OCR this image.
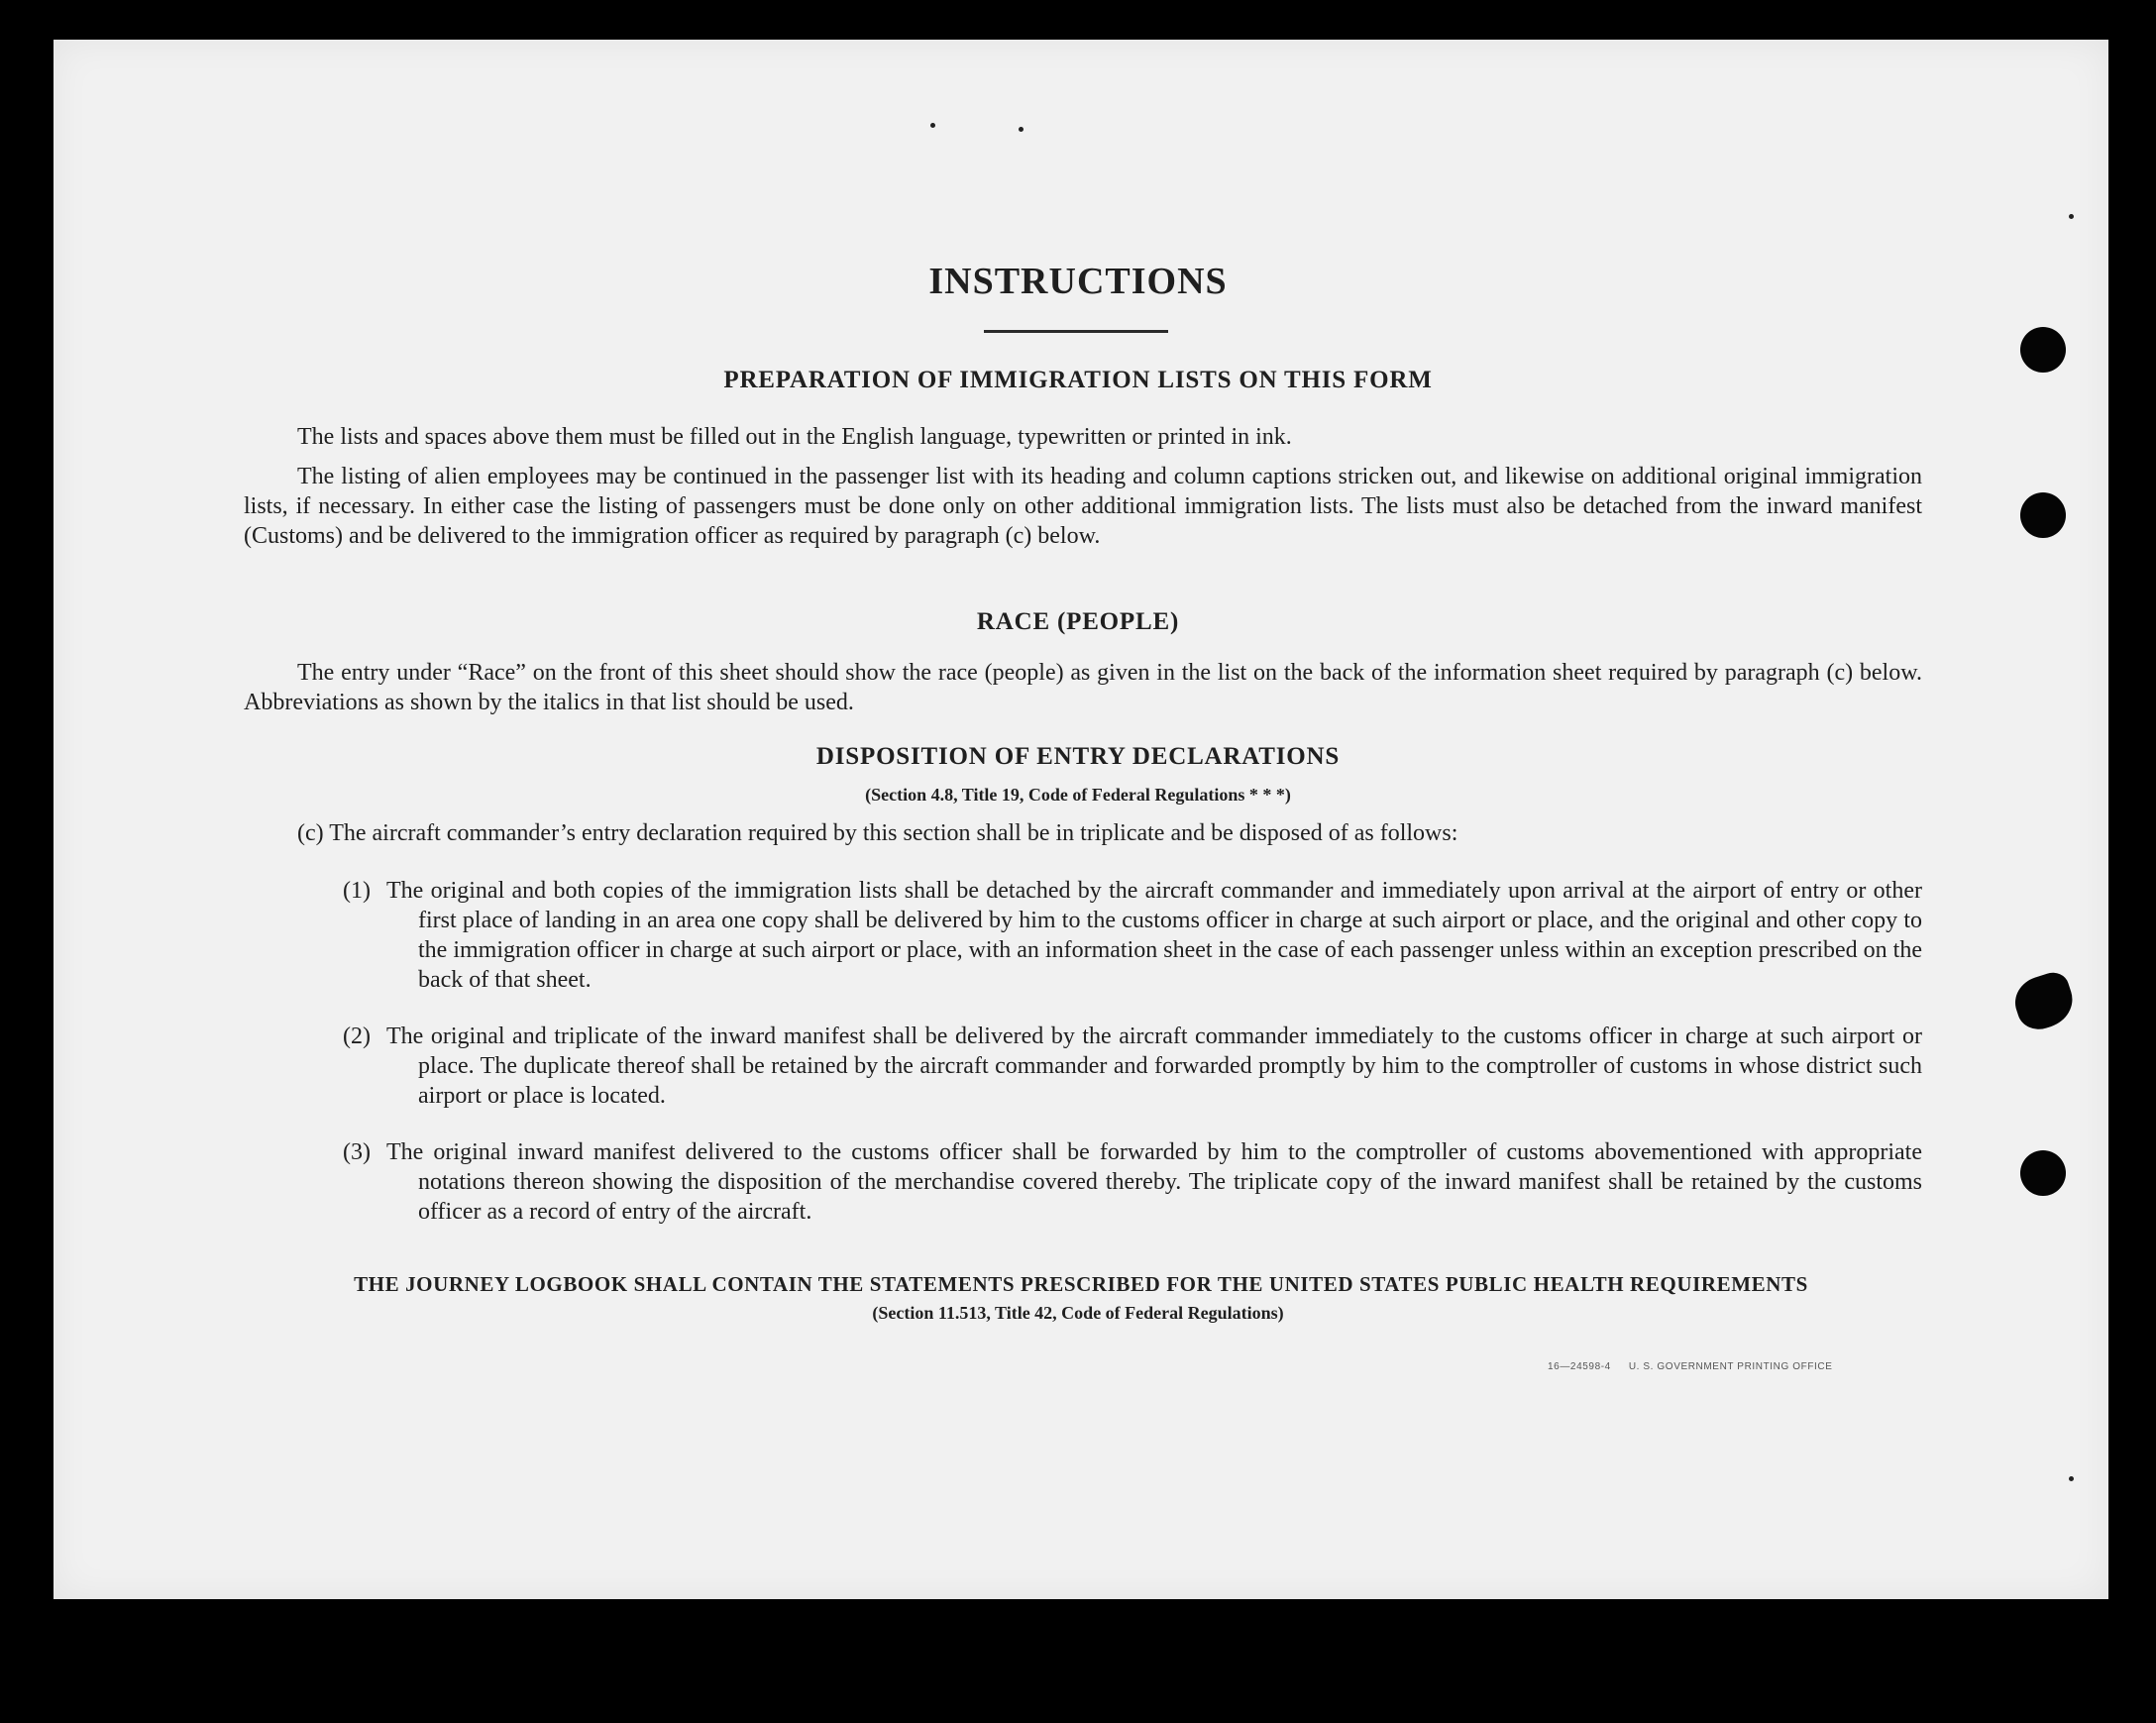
INSTRUCTIONS
PREPARATION OF IMMIGRATION LISTS ON THIS FORM

The lists and spaces above them must be filled out in the English language, typewritten or printed in ink.

The listing of alien employees may be continued in the passenger list with its heading and column captions stricken out, and likewise on additional original immigration lists, if necessary. In either case the listing of passengers must be done only on other additional immigration lists. The lists must also be detached from the inward manifest (Customs) and be delivered to the immigration officer as required by paragraph (c) below.

RACE (PEOPLE)

The entry under “Race” on the front of this sheet should show the race (people) as given in the list on the back of the information sheet required by paragraph (c) below. Abbreviations as shown by the italics in that list should be used.

DISPOSITION OF ENTRY DECLARATIONS

(Section 4.8, Title 19, Code of Federal Regulations * * *)

(c) The aircraft commander’s entry declaration required by this section shall be in triplicate and be disposed of as follows:

(1) The original and both copies of the immigration lists shall be detached by the aircraft commander and immediately upon arrival at the airport of entry or other first place of landing in an area one copy shall be delivered by him to the customs officer in charge at such airport or place, and the original and other copy to the immigration officer in charge at such airport or place, with an information sheet in the case of each passenger unless within an exception prescribed on the back of that sheet.

(2) The original and triplicate of the inward manifest shall be delivered by the aircraft commander immediately to the customs officer in charge at such airport or place. The duplicate thereof shall be retained by the aircraft commander and forwarded promptly by him to the comptroller of customs in whose district such airport or place is located.

(3) The original inward manifest delivered to the customs officer shall be forwarded by him to the comptroller of customs abovementioned with appropriate notations thereon showing the disposition of the merchandise covered thereby. The triplicate copy of the inward manifest shall be retained by the customs officer as a record of entry of the aircraft.

THE JOURNEY LOGBOOK SHALL CONTAIN THE STATEMENTS PRESCRIBED FOR THE UNITED STATES PUBLIC HEALTH REQUIREMENTS

(Section 11.513, Title 42, Code of Federal Regulations)

16—24598-4 U. S. GOVERNMENT PRINTING OFFICE
